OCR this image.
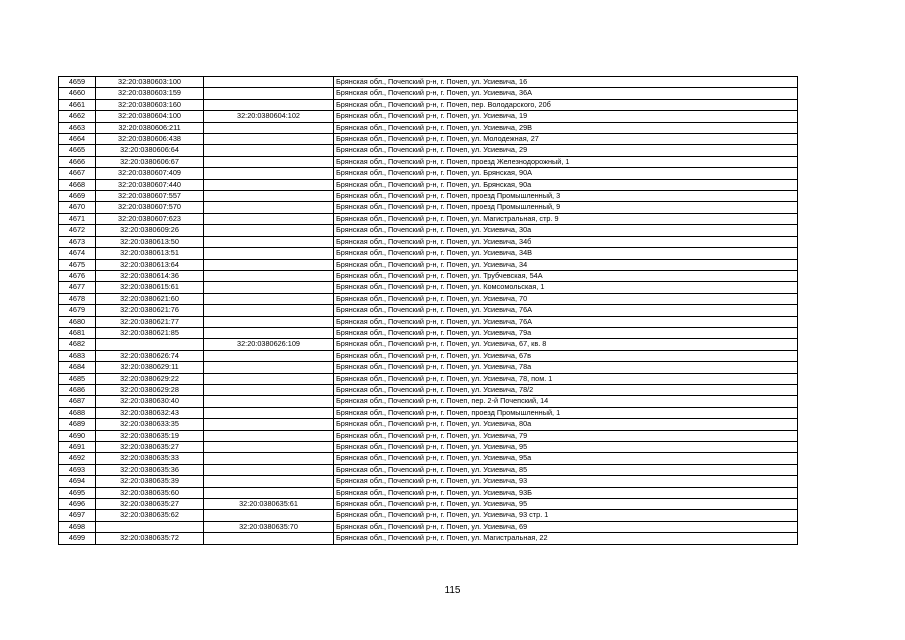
4659	32:20:0380603:100		Брянская обл., Почепский р-н, г. Почеп, ул. Усиевича, 16
4660	32:20:0380603:159		Брянская обл., Почепский р-н, г. Почеп, ул. Усиевича, 36А
4661	32:20:0380603:160		Брянская обл., Почепский р-н, г. Почеп, пер. Володарского, 20б
4662	32:20:0380604:100	32:20:0380604:102	Брянская обл., Почепский р-н, г. Почеп, ул. Усиевича, 19
4663	32:20:0380606:211		Брянская обл., Почепский р-н, г. Почеп, ул. Усиевича, 29В
4664	32:20:0380606:438		Брянская обл., Почепский р-н, г. Почеп, ул. Молодежная, 27
4665	32:20:0380606:64		Брянская обл., Почепский р-н, г. Почеп, ул. Усиевича, 29
4666	32:20:0380606:67		Брянская обл., Почепский р-н, г. Почеп, проезд Железнодорожный, 1
4667	32:20:0380607:409		Брянская обл., Почепский р-н, г. Почеп, ул. Брянская, 90А
4668	32:20:0380607:440		Брянская обл., Почепский р-н, г. Почеп, ул. Брянская, 90а
4669	32:20:0380607:557		Брянская обл., Почепский р-н, г. Почеп, проезд Промышленный, 3
4670	32:20:0380607:570		Брянская обл., Почепский р-н, г. Почеп, проезд Промышленный, 9
4671	32:20:0380607:623		Брянская обл., Почепский р-н, г. Почеп, ул. Магистральная, стр. 9
4672	32:20:0380609:26		Брянская обл., Почепский р-н, г. Почеп, ул. Усиевича, 30а
4673	32:20:0380613:50		Брянская обл., Почепский р-н, г. Почеп, ул. Усиевича, 34б
4674	32:20:0380613:51		Брянская обл., Почепский р-н, г. Почеп, ул. Усиевича, 34В
4675	32:20:0380613:64		Брянская обл., Почепский р-н, г. Почеп, ул. Усиевича, 34
4676	32:20:0380614:36		Брянская обл., Почепский р-н, г. Почеп, ул. Трубчевская, 54А
4677	32:20:0380615:61		Брянская обл., Почепский р-н, г. Почеп, ул. Комсомольская, 1
4678	32:20:0380621:60		Брянская обл., Почепский р-н, г. Почеп, ул. Усиевича, 70
4679	32:20:0380621:76		Брянская обл., Почепский р-н, г. Почеп, ул. Усиевича, 76А
4680	32:20:0380621:77		Брянская обл., Почепский р-н, г. Почеп, ул. Усиевича, 76А
4681	32:20:0380621:85		Брянская обл., Почепский р-н, г. Почеп, ул. Усиевича, 79а
4682		32:20:0380626:109	Брянская обл., Почепский р-н, г. Почеп, ул. Усиевича, 67, кв. 8
4683	32:20:0380626:74		Брянская обл., Почепский р-н, г. Почеп, ул. Усиевича, 67в
4684	32:20:0380629:11		Брянская обл., Почепский р-н, г. Почеп, ул. Усиевича, 78а
4685	32:20:0380629:22		Брянская обл., Почепский р-н, г. Почеп, ул. Усиевича, 78, пом. 1
4686	32:20:0380629:28		Брянская обл., Почепский р-н, г. Почеп, ул. Усиевича, 78/2
4687	32:20:0380630:40		Брянская обл., Почепский р-н, г. Почеп, пер. 2-й Почепский, 14
4688	32:20:0380632:43		Брянская обл., Почепский р-н, г. Почеп, проезд Промышленный, 1
4689	32:20:0380633:35		Брянская обл., Почепский р-н, г. Почеп, ул. Усиевича, 80а
4690	32:20:0380635:19		Брянская обл., Почепский р-н, г. Почеп, ул. Усиевича, 79
4691	32:20:0380635:27		Брянская обл., Почепский р-н, г. Почеп, ул. Усиевича, 95
4692	32:20:0380635:33		Брянская обл., Почепский р-н, г. Почеп, ул. Усиевича, 95а
4693	32:20:0380635:36		Брянская обл., Почепский р-н, г. Почеп, ул. Усиевича, 85
4694	32:20:0380635:39		Брянская обл., Почепский р-н, г. Почеп, ул. Усиевича, 93
4695	32:20:0380635:60		Брянская обл., Почепский р-н, г. Почеп, ул. Усиевича, 93Б
4696	32:20:0380635:27	32:20:0380635:61	Брянская обл., Почепский р-н, г. Почеп, ул. Усиевича, 95
4697	32:20:0380635:62		Брянская обл., Почепский р-н, г. Почеп, ул. Усиевича, 93 стр. 1
4698		32:20:0380635:70	Брянская обл., Почепский р-н, г. Почеп, ул. Усиевича, 69
4699	32:20:0380635:72		Брянская обл., Почепский р-н, г. Почеп, ул. Магистральная, 22
115
